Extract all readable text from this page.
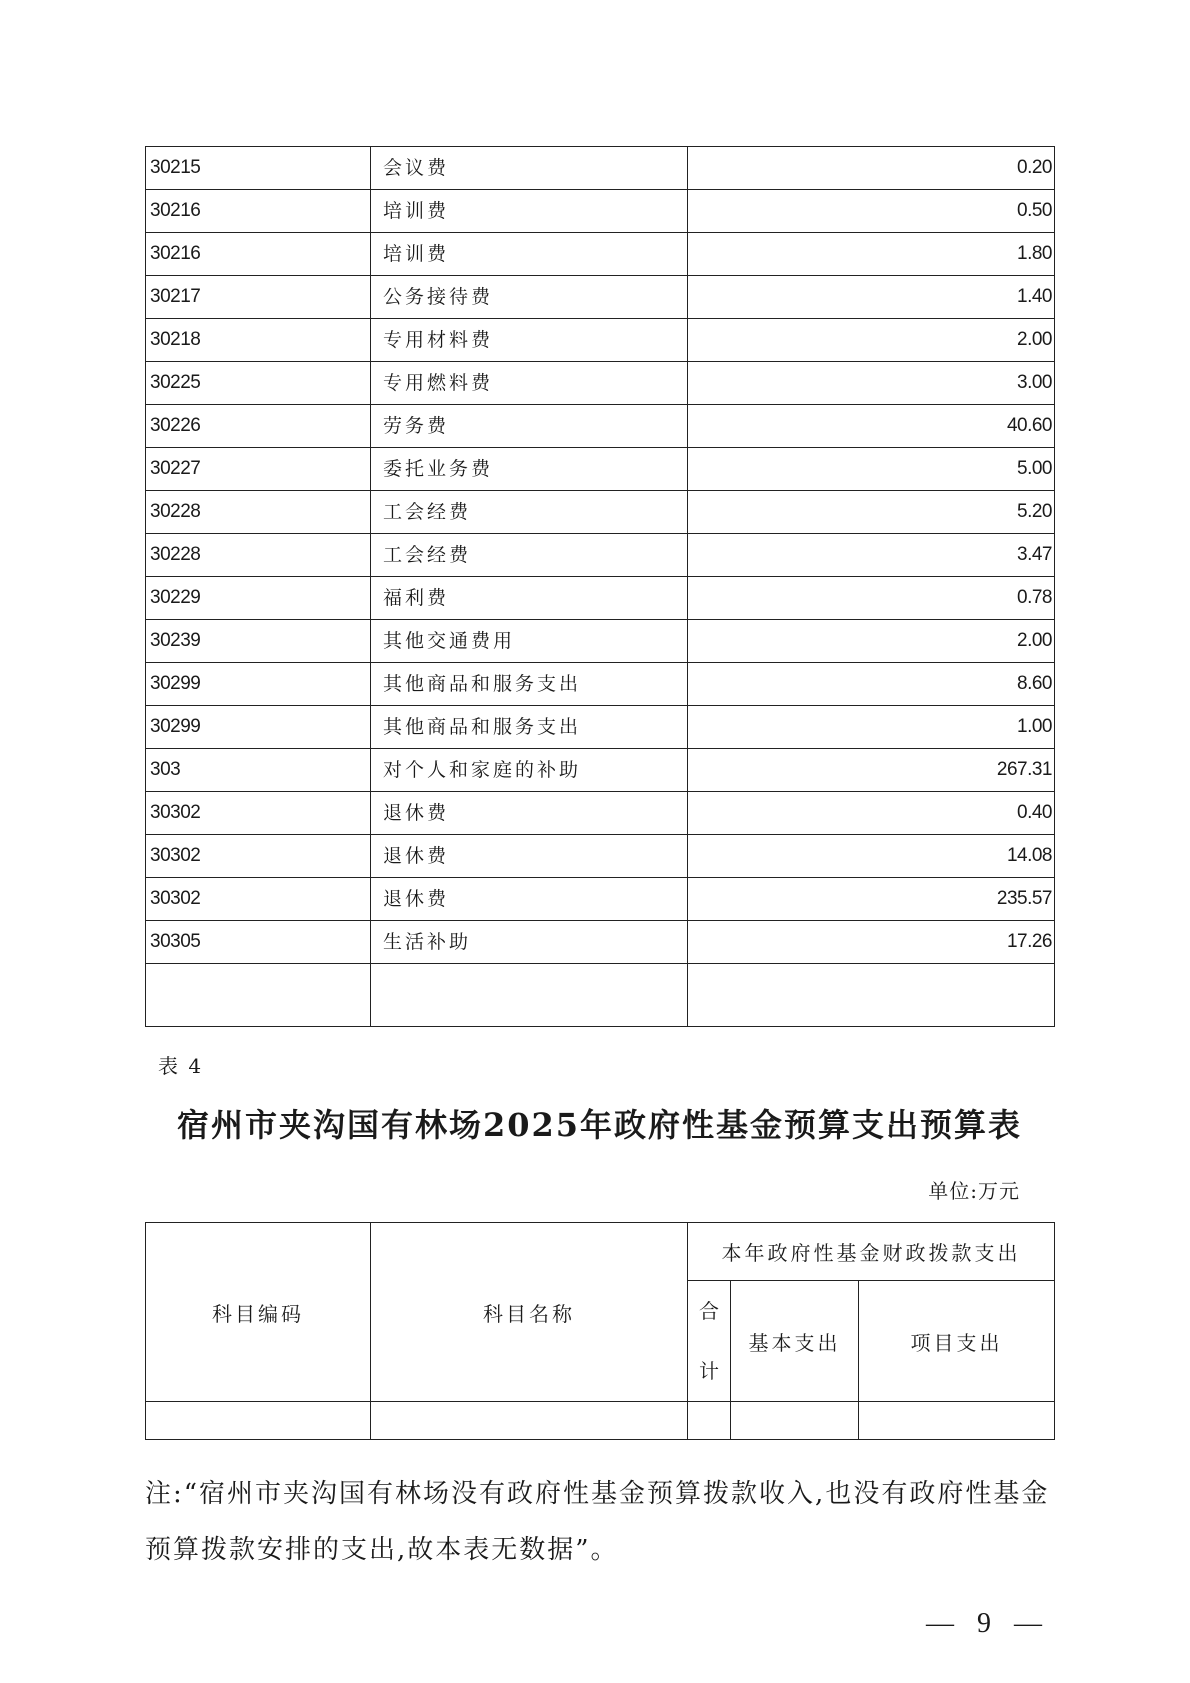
30215	会议费	0.20
30216	培训费	0.50
30216	培训费	1.80
30217	公务接待费	1.40
30218	专用材料费	2.00
30225	专用燃料费	3.00
30226	劳务费	40.60
30227	委托业务费	5.00
30228	工会经费	5.20
30228	工会经费	3.47
30229	福利费	0.78
30239	其他交通费用	2.00
30299	其他商品和服务支出	8.60
30299	其他商品和服务支出	1.00
303	对个人和家庭的补助	267.31
30302	退休费	0.40
30302	退休费	14.08
30302	退休费	235.57
30305	生活补助	17.26

表 4
宿州市夹沟国有林场2025年政府性基金预算支出预算表
单位:万元
科目编码	科目名称	本年政府性基金财政拨款支出		
		合计	基本支出	项目支出

注:“宿州市夹沟国有林场没有政府性基金预算拨款收入,也没有政府性基金预算拨款安排的支出,故本表无数据”。
— 9 —
